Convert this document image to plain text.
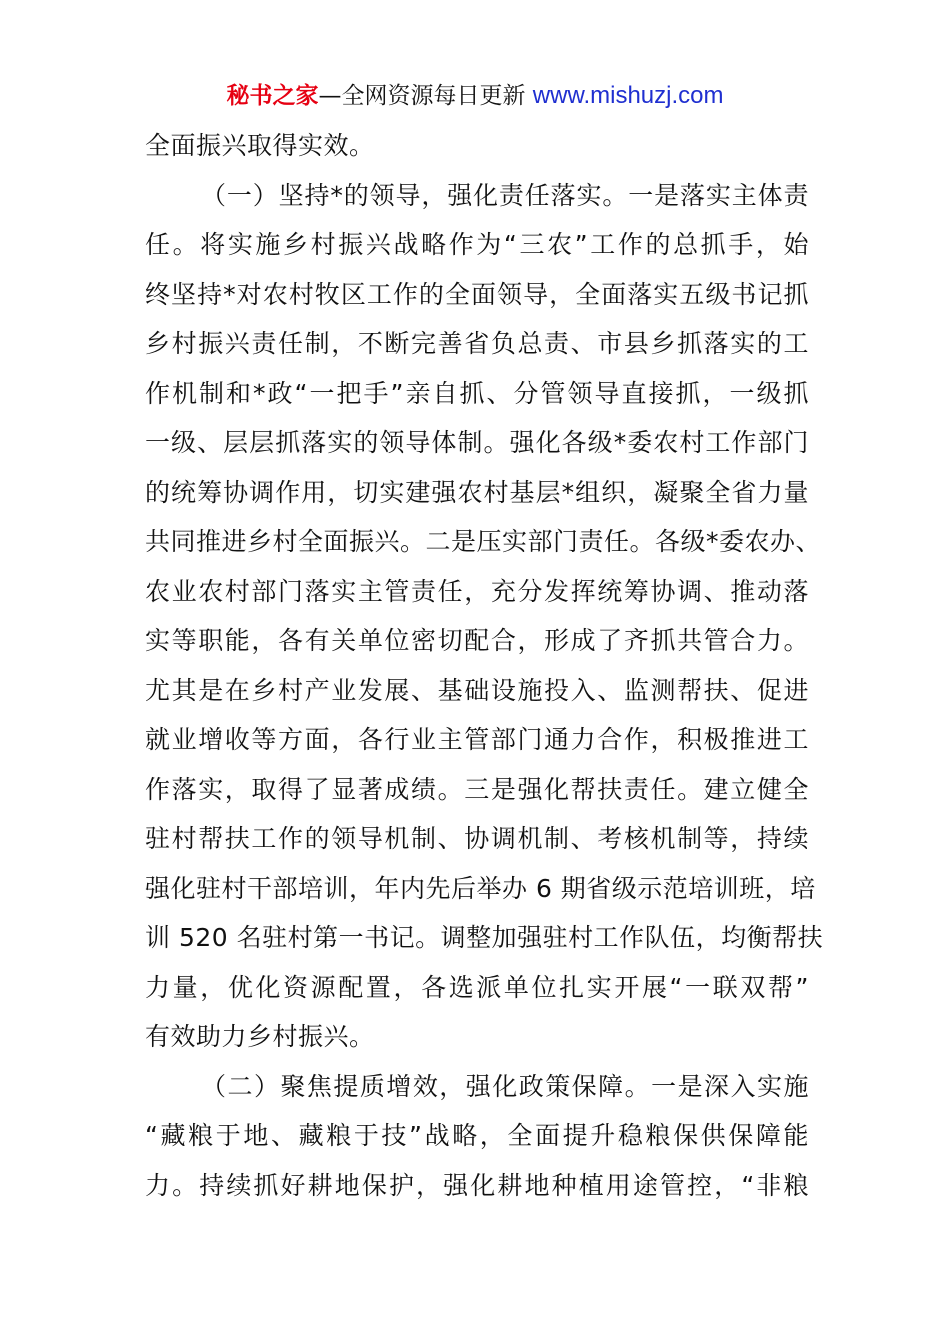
秘书之家—全网资源每日更新 www.mishuzj.com
全面振兴取得实效。
（一）坚持*的领导，强化责任落实。一是落实主体责
任。将实施乡村振兴战略作为“三农”工作的总抓手，始
终坚持*对农村牧区工作的全面领导，全面落实五级书记抓
乡村振兴责任制，不断完善省负总责、市县乡抓落实的工
作机制和*政“一把手”亲自抓、分管领导直接抓，一级抓
一级、层层抓落实的领导体制。强化各级*委农村工作部门
的统筹协调作用，切实建强农村基层*组织，凝聚全省力量
共同推进乡村全面振兴。二是压实部门责任。各级*委农办、
农业农村部门落实主管责任，充分发挥统筹协调、推动落
实等职能，各有关单位密切配合，形成了齐抓共管合力。
尤其是在乡村产业发展、基础设施投入、监测帮扶、促进
就业增收等方面，各行业主管部门通力合作，积极推进工
作落实，取得了显著成绩。三是强化帮扶责任。建立健全
驻村帮扶工作的领导机制、协调机制、考核机制等，持续
强化驻村干部培训，年内先后举办 6 期省级示范培训班，培
训 520 名驻村第一书记。调整加强驻村工作队伍，均衡帮扶
力量，优化资源配置，各选派单位扎实开展“一联双帮”
有效助力乡村振兴。
（二）聚焦提质增效，强化政策保障。一是深入实施
“藏粮于地、藏粮于技”战略，全面提升稳粮保供保障能
力。持续抓好耕地保护，强化耕地种植用途管控，“非粮
